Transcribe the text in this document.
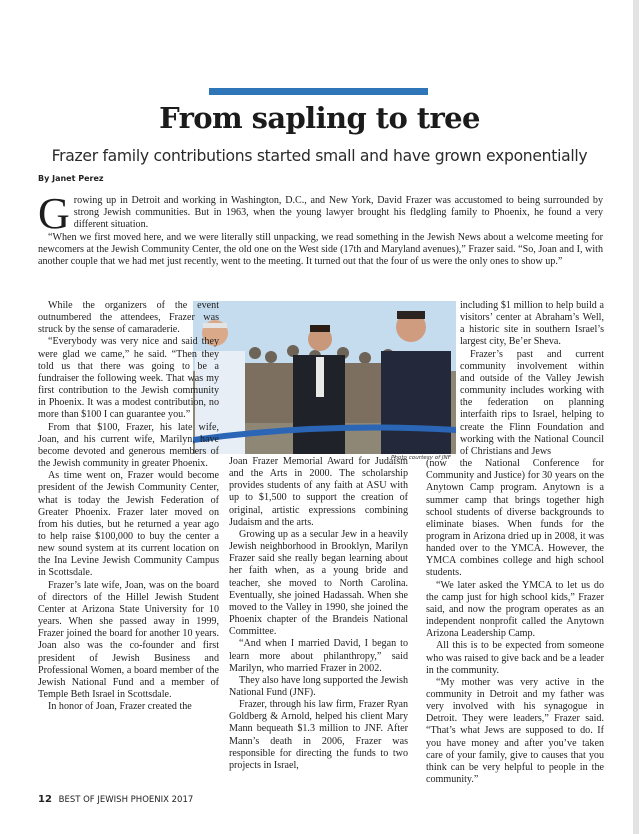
From sapling to tree
Frazer family contributions started small and have grown exponentially
By Janet Perez

Growing up in Detroit and working in Washington, D.C., and New York, David Frazer was accustomed to being surrounded by strong Jewish communities. But in 1963, when the young lawyer brought his fledgling family to Phoenix, he found a very different situation.

“When we first moved here, and we were literally still unpacking, we read something in the Jewish News about a welcome meeting for newcomers at the Jewish Community Center, the old one on the West side (17th and Maryland avenues),” Frazer said. “So, Joan and I, with another couple that we had met just recently, went to the meeting. It turned out that the four of us were the only ones to show up.”

Photo courtesy of JNF

While the organizers of the event outnumbered the attendees, Frazer was struck by the sense of camaraderie.

“Everybody was very nice and said they were glad we came,” he said. “Then they told us that there was going to be a fundraiser the following week. That was my first contribution to the Jewish community in Phoenix. It was a modest contribution, no more than $100 I can guarantee you.”

From that $100, Frazer, his late wife, Joan, and his current wife, Marilyn, have become devoted and generous members of the Jewish community in greater Phoenix.

As time went on, Frazer would become president of the Jewish Community Center, what is today the Jewish Federation of Greater Phoenix. Frazer later moved on from his duties, but he returned a year ago to help raise $100,000 to buy the center a new sound system at its current location on the Ina Levine Jewish Community Campus in Scottsdale.

Frazer’s late wife, Joan, was on the board of directors of the Hillel Jewish Student Center at Arizona State University for 10 years. When she passed away in 1999, Frazer joined the board for another 10 years. Joan also was the co-founder and first president of Jewish Business and Professional Women, a board member of the Jewish National Fund and a member of Temple Beth Israel in Scottsdale.

In honor of Joan, Frazer created the

Joan Frazer Memorial Award for Judaism and the Arts in 2000. The scholarship provides students of any faith at ASU with up to $1,500 to support the creation of original, artistic expressions combining Judaism and the arts.

Growing up as a secular Jew in a heavily Jewish neighborhood in Brooklyn, Marilyn Frazer said she really began learning about her faith when, as a young bride and teacher, she moved to North Carolina. Eventually, she joined Hadassah. When she moved to the Valley in 1990, she joined the Phoenix chapter of the Brandeis National Committee.

“And when I married David, I began to learn more about philanthropy,” said Marilyn, who married Frazer in 2002.

They also have long supported the Jewish National Fund (JNF).

Frazer, through his law firm, Frazer Ryan Goldberg & Arnold, helped his client Mary Mann bequeath $1.3 million to JNF. After Mann’s death in 2006, Frazer was responsible for directing the funds to two projects in Israel,

including $1 million to help build a visitors’ center at Abraham’s Well, a historic site in southern Israel’s largest city, Be’er Sheva.

Frazer’s past and current community involvement within and outside of the Valley Jewish community includes working with the federation on planning interfaith rips to Israel, helping to create the Flinn Foundation and working with the National Council of Christians and Jews

(now the National Conference for Community and Justice) for 30 years on the Anytown Camp program. Anytown is a summer camp that brings together high school students of diverse backgrounds to eliminate biases. When funds for the program in Arizona dried up in 2008, it was handed over to the YMCA. However, the YMCA combines college and high school students.

“We later asked the YMCA to let us do the camp just for high school kids,” Frazer said, and now the program operates as an independent nonprofit called the Anytown Arizona Leadership Camp.

All this is to be expected from someone who was raised to give back and be a leader in the community.

“My mother was very active in the community in Detroit and my father was very involved with his synagogue in Detroit. They were leaders,” Frazer said. “That’s what Jews are supposed to do. If you have money and after you’ve taken care of your family, give to causes that you think can be very helpful to people in the community.”

12 BEST OF JEWISH PHOENIX 2017
